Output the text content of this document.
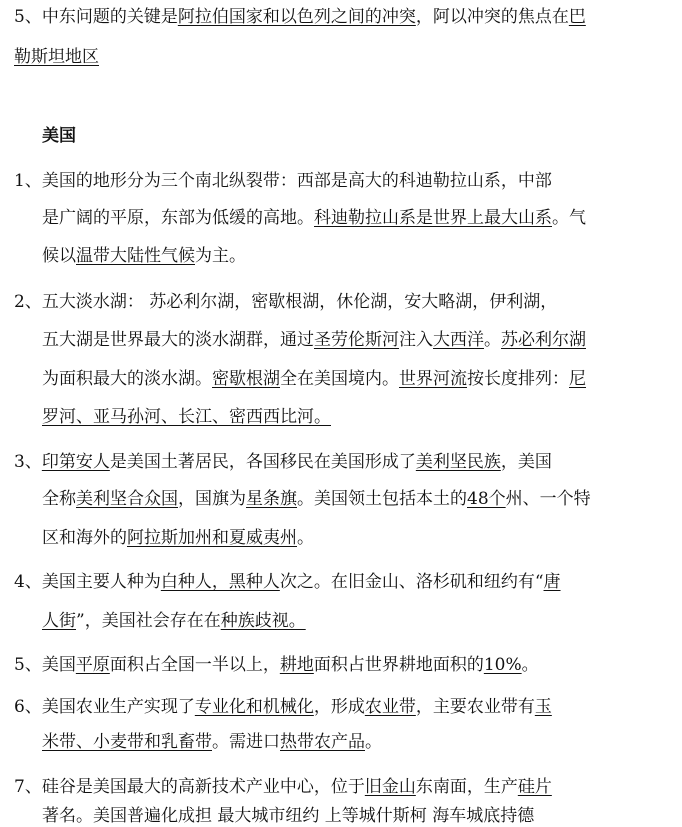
5、中东问题的关键是阿拉伯国家和以色列之间的冲突，阿以冲突的焦点在巴
勒斯坦地区
美国
1、美国的地形分为三个南北纵裂带：西部是高大的科迪勒拉山系，中部
是广阔的平原，东部为低缓的高地。科迪勒拉山系是世界上最大山系。气
候以温带大陆性气候为主。
2、五大淡水湖： 苏必利尔湖，密歇根湖，休伦湖，安大略湖，伊利湖，
五大湖是世界最大的淡水湖群，通过圣劳伦斯河注入大西洋。苏必利尔湖
为面积最大的淡水湖。密歇根湖全在美国境内。世界河流按长度排列：尼
罗河、亚马孙河、长江、密西西比河。
3、印第安人是美国土著居民，各国移民在美国形成了美利坚民族，美国
全称美利坚合众国，国旗为星条旗。美国领土包括本土的48个州、一个特
区和海外的阿拉斯加州和夏威夷州。
4、美国主要人种为白种人，黑种人次之。在旧金山、洛杉矶和纽约有“唐
人街”，美国社会存在在种族歧视。
5、美国平原面积占全国一半以上，耕地面积占世界耕地面积的10%。
6、美国农业生产实现了专业化和机械化，形成农业带，主要农业带有玉
米带、小麦带和乳畜带。需进口热带农产品。
7、硅谷是美国最大的高新技术产业中心，位于旧金山东南面，生产硅片
著名。美国普遍化成担 最大城市纽约 上等城什斯柯 海车城底持德
